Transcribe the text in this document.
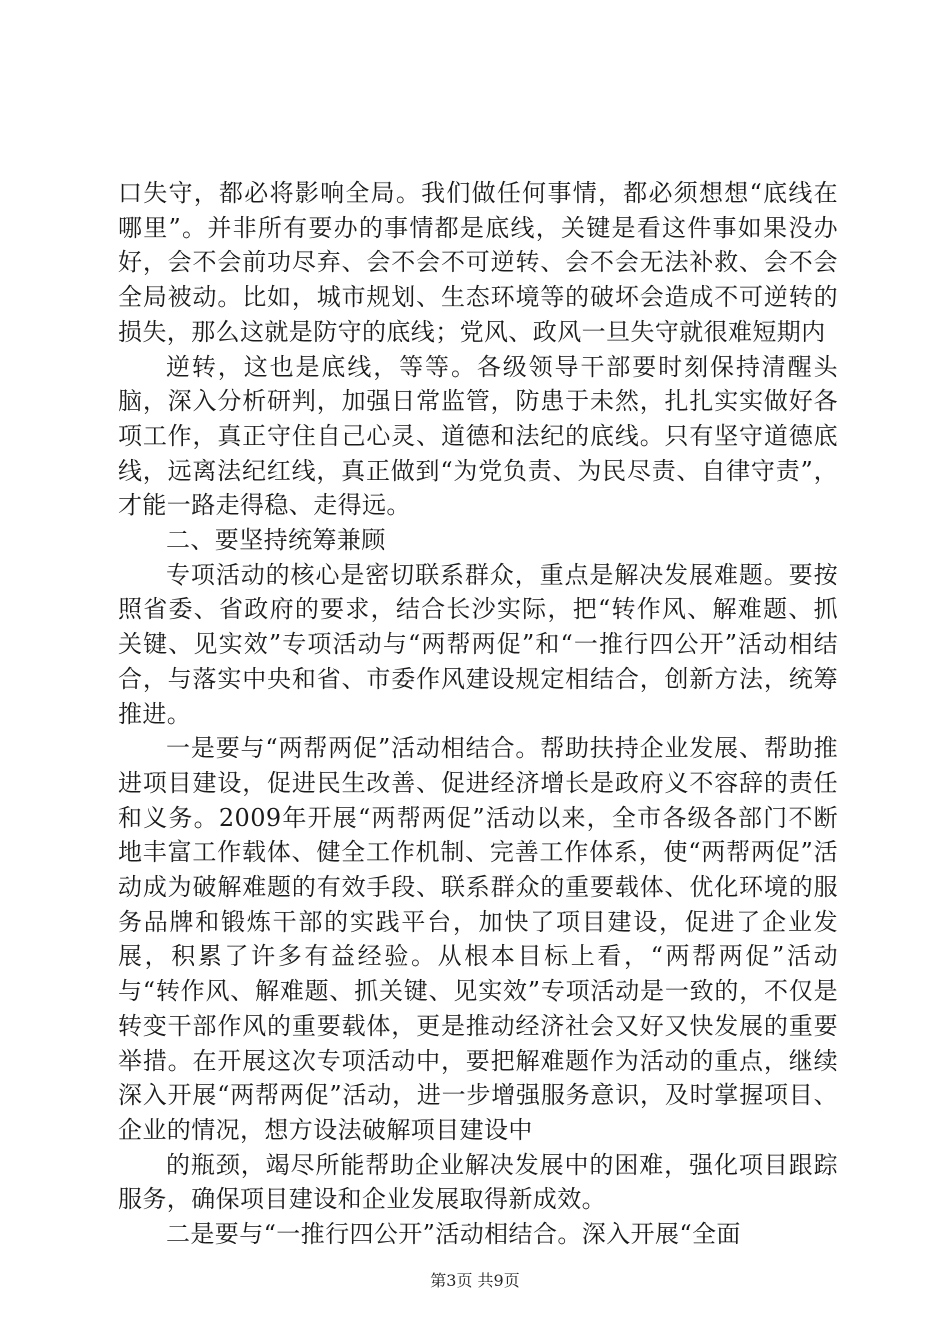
口失守，都必将影响全局。我们做任何事情，都必须想想“底线在哪里”。并非所有要办的事情都是底线，关键是看这件事如果没办好，会不会前功尽弃、会不会不可逆转、会不会无法补救、会不会全局被动。比如，城市规划、生态环境等的破坏会造成不可逆转的损失，那么这就是防守的底线；党风、政风一旦失守就很难短期内

逆转，这也是底线，等等。各级领导干部要时刻保持清醒头脑，深入分析研判，加强日常监管，防患于未然，扎扎实实做好各项工作，真正守住自己心灵、道德和法纪的底线。只有坚守道德底线，远离法纪红线，真正做到“为党负责、为民尽责、自律守责”，才能一路走得稳、走得远。

二、要坚持统筹兼顾

专项活动的核心是密切联系群众，重点是解决发展难题。要按照省委、省政府的要求，结合长沙实际，把“转作风、解难题、抓关键、见实效”专项活动与“两帮两促”和“一推行四公开”活动相结合，与落实中央和省、市委作风建设规定相结合，创新方法，统筹推进。

一是要与“两帮两促”活动相结合。帮助扶持企业发展、帮助推进项目建设，促进民生改善、促进经济增长是政府义不容辞的责任和义务。2009年开展“两帮两促”活动以来，全市各级各部门不断地丰富工作载体、健全工作机制、完善工作体系，使“两帮两促”活动成为破解难题的有效手段、联系群众的重要载体、优化环境的服务品牌和锻炼干部的实践平台，加快了项目建设，促进了企业发展，积累了许多有益经验。从根本目标上看，“两帮两促”活动与“转作风、解难题、抓关键、见实效”专项活动是一致的，不仅是转变干部作风的重要载体，更是推动经济社会又好又快发展的重要举措。在开展这次专项活动中，要把解难题作为活动的重点，继续深入开展“两帮两促”活动，进一步增强服务意识，及时掌握项目、企业的情况，想方设法破解项目建设中

的瓶颈，竭尽所能帮助企业解决发展中的困难，强化项目跟踪服务，确保项目建设和企业发展取得新成效。

二是要与“一推行四公开”活动相结合。深入开展“全面

第3页 共9页
